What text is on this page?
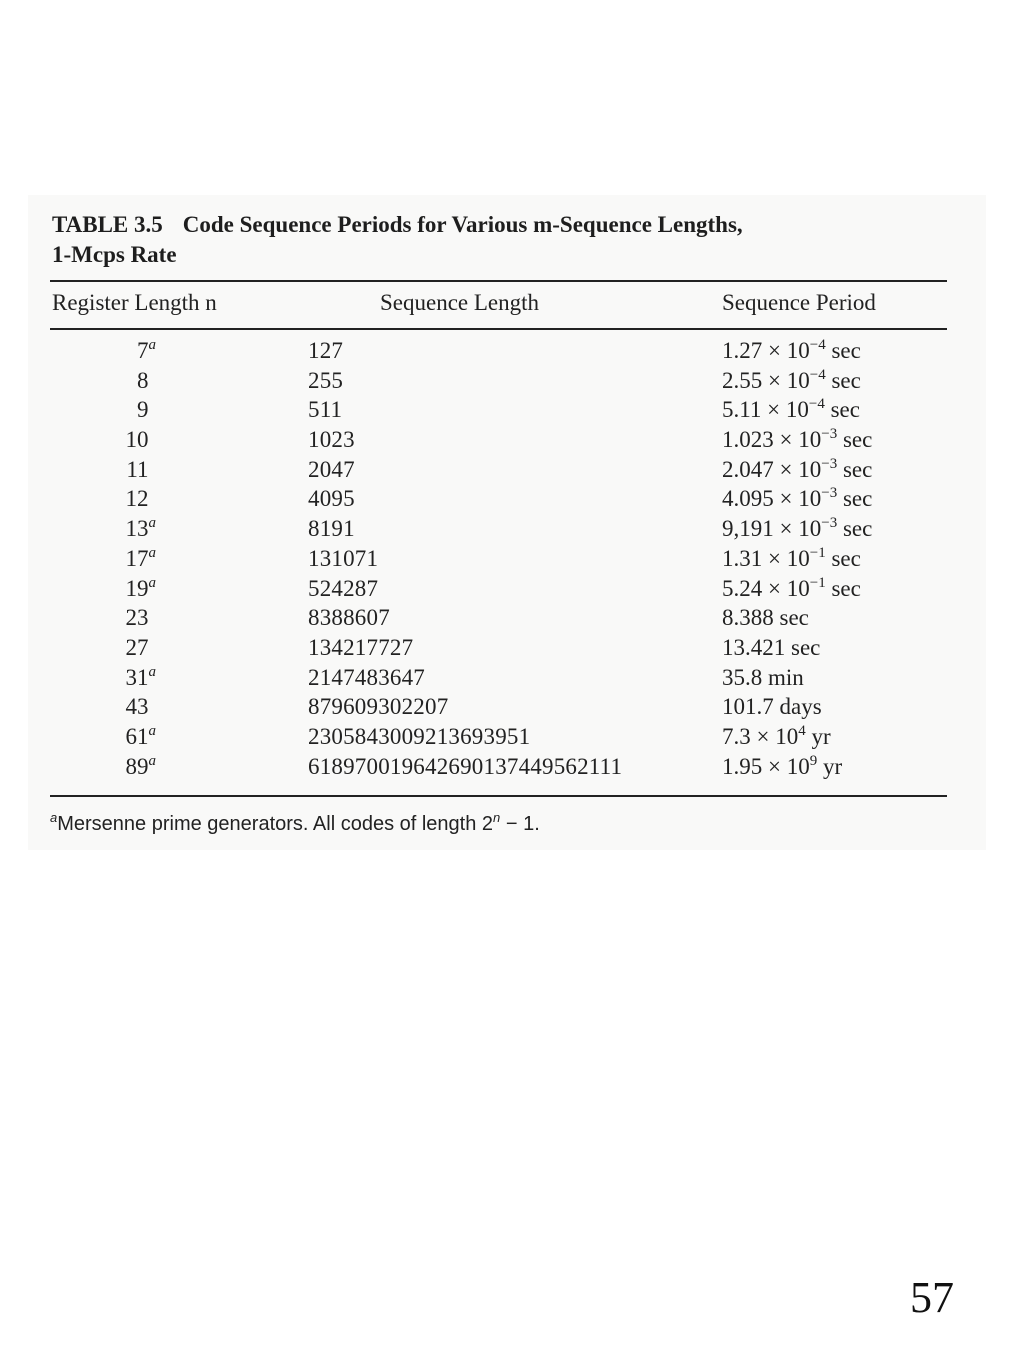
TABLE 3.5 Code Sequence Periods for Various m-Sequence Lengths,
1-Mcps Rate
Register Length n	Sequence Length	Sequence Period
7$^a$	127	$1.27 \times 10^{-4}$ sec
8	255	$2.55 \times 10^{-4}$ sec
9	511	$5.11 \times 10^{-4}$ sec
10	1023	$1.023 \times 10^{-3}$ sec
11	2047	$2.047 \times 10^{-3}$ sec
12	4095	$4.095 \times 10^{-3}$ sec
13$^a$	8191	$9,191 \times 10^{-3}$ sec
17$^a$	131071	$1.31 \times 10^{-1}$ sec
19$^a$	524287	$5.24 \times 10^{-1}$ sec
23	8388607	8.388 sec
27	134217727	13.421 sec
31$^a$	2147483647	35.8 min
43	879609302207	101.7 days
61$^a$	2305843009213693951	$7.3 \times 10^4$ yr
89$^a$	618970019642690137449562111	$1.95 \times 10^9$ yr
$^a$Mersenne prime generators. All codes of length $2^n - 1$.
57
